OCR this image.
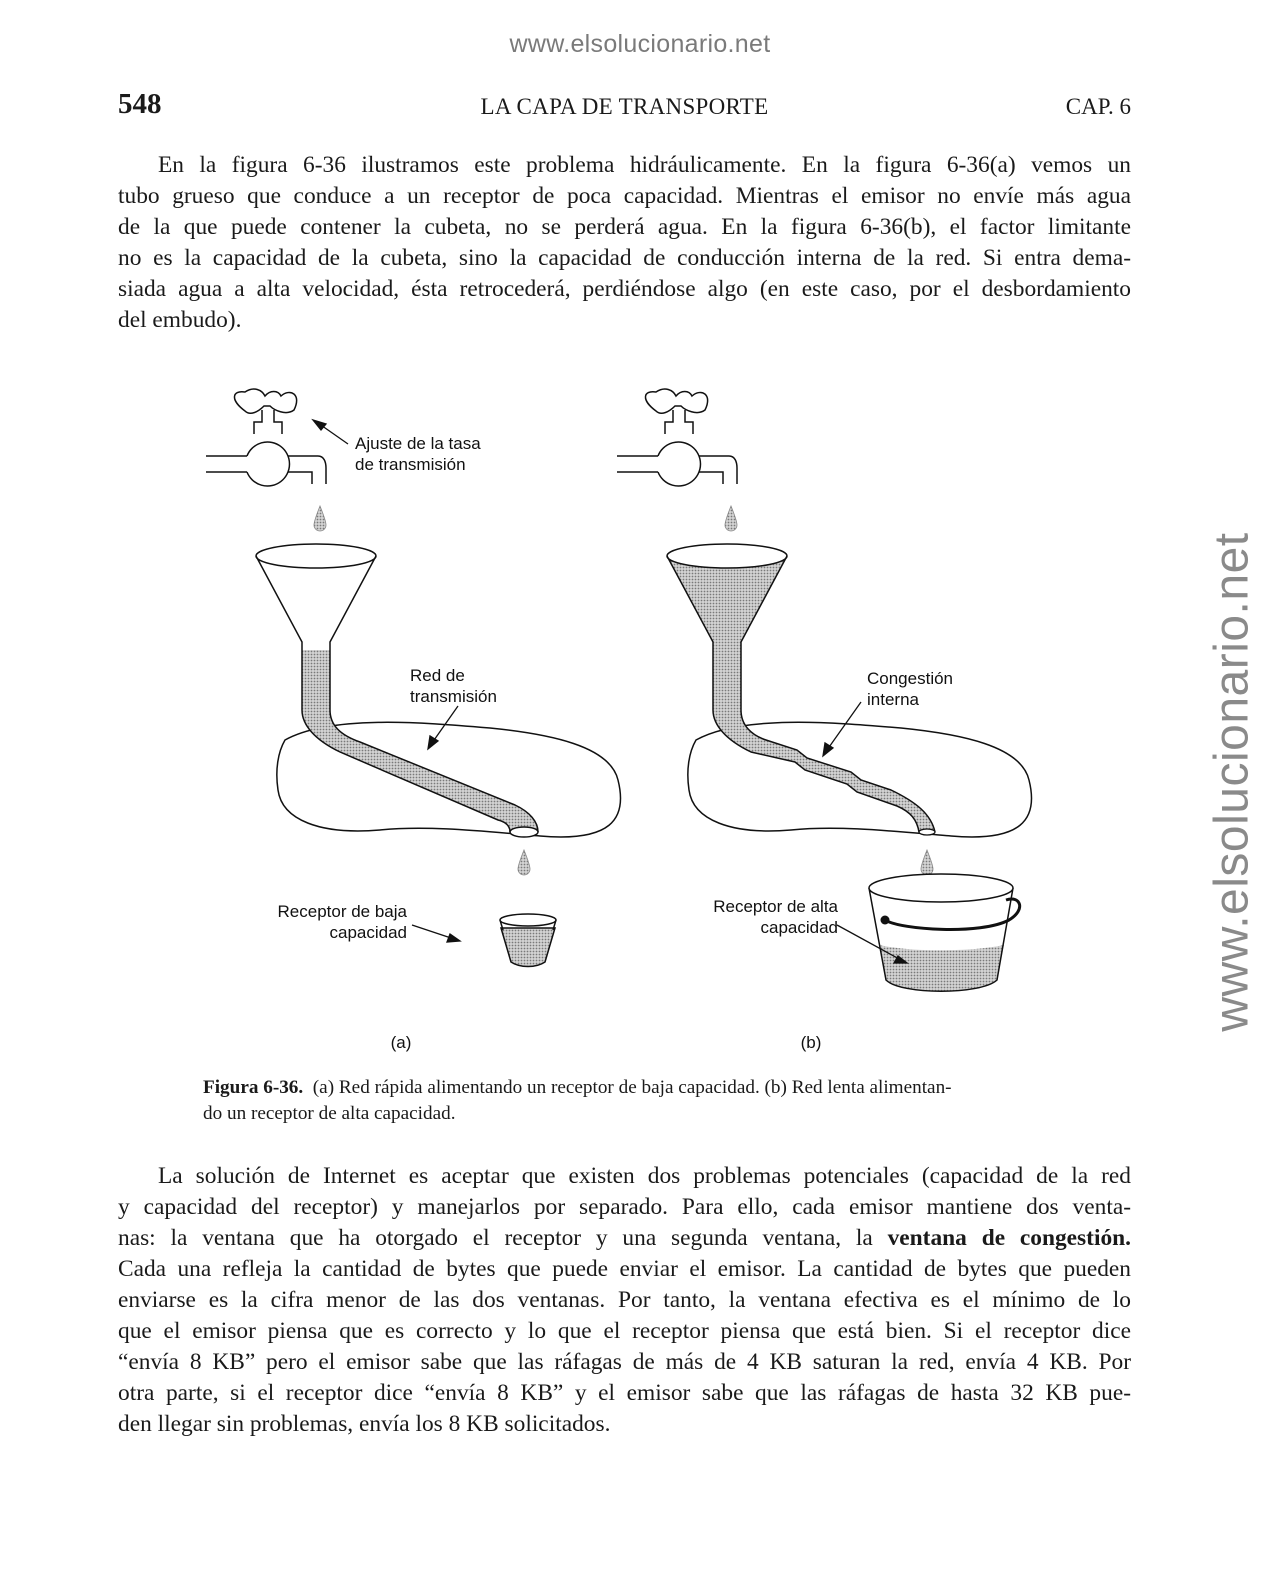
www.elsolucionario.net
www.elsolucionario.net
548	LA CAPA DE TRANSPORTE	CAP. 6
En la figura 6-36 ilustramos este problema hidráulicamente. En la figura 6-36(a) vemos un
tubo grueso que conduce a un receptor de poca capacidad. Mientras el emisor no envíe más agua
de la que puede contener la cubeta, no se perderá agua. En la figura 6-36(b), el factor limitante
no es la capacidad de la cubeta, sino la capacidad de conducción interna de la red. Si entra dema-
siada agua a alta velocidad, ésta retrocederá, perdiéndose algo (en este caso, por el desbordamiento
del embudo).
Ajuste de la tasa
de transmisión
Red de
transmisión
Receptor de baja
capacidad
(a)
Congestión
interna
Receptor de alta
capacidad
(b)
Figura 6-36. (a) Red rápida alimentando un receptor de baja capacidad. (b) Red lenta alimentan-
do un receptor de alta capacidad.
La solución de Internet es aceptar que existen dos problemas potenciales (capacidad de la red
y capacidad del receptor) y manejarlos por separado. Para ello, cada emisor mantiene dos venta-
nas: la ventana que ha otorgado el receptor y una segunda ventana, la ventana de congestión.
Cada una refleja la cantidad de bytes que puede enviar el emisor. La cantidad de bytes que pueden
enviarse es la cifra menor de las dos ventanas. Por tanto, la ventana efectiva es el mínimo de lo
que el emisor piensa que es correcto y lo que el receptor piensa que está bien. Si el receptor dice
“envía 8 KB” pero el emisor sabe que las ráfagas de más de 4 KB saturan la red, envía 4 KB. Por
otra parte, si el receptor dice “envía 8 KB” y el emisor sabe que las ráfagas de hasta 32 KB pue-
den llegar sin problemas, envía los 8 KB solicitados.
